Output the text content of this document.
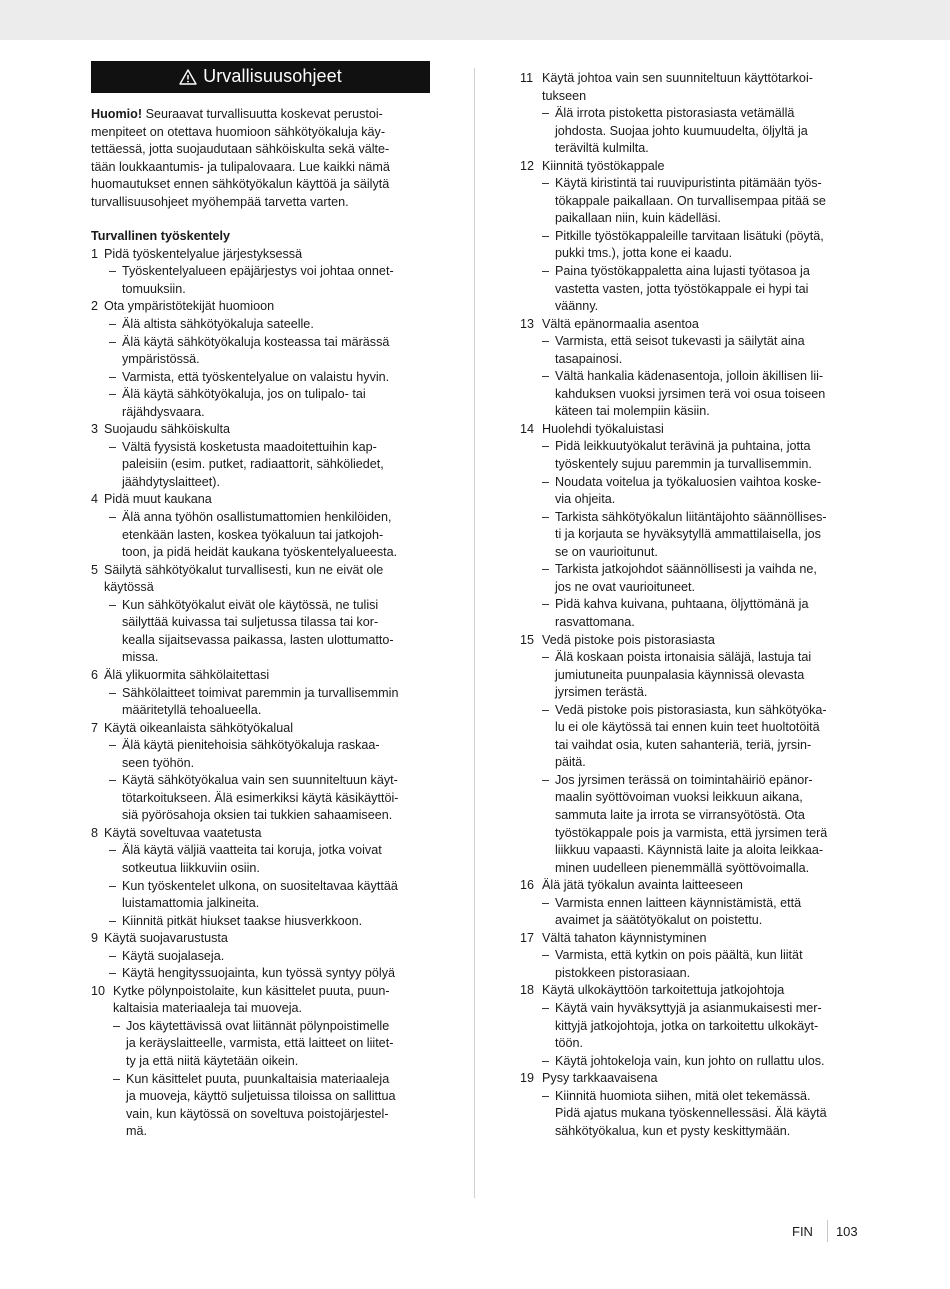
Urvallisuusohjeet
Huomio! Seuraavat turvallisuutta koskevat perustoi-
menpiteet on otettava huomioon sähkötyökaluja käy-
tettäessä, jotta suojaudutaan sähköiskulta sekä välte-
tään loukkaantumis- ja tulipalovaara. Lue kaikki nämä
huomautukset ennen sähkötyökalun käyttöä ja säilytä
turvallisuusohjeet myöhempää tarvetta varten.
Turvallinen työskentely
1 Pidä työskentelyalue järjestyksessä
– Työskentelyalueen epäjärjestys voi johtaa onnet-
tomuuksiin.
2 Ota ympäristötekijät huomioon
– Älä altista sähkötyökaluja sateelle.
– Älä käytä sähkötyökaluja kosteassa tai märässä
ympäristössä.
– Varmista, että työskentelyalue on valaistu hyvin.
– Älä käytä sähkötyökaluja, jos on tulipalo- tai
räjähdysvaara.
3 Suojaudu sähköiskulta
– Vältä fyysistä kosketusta maadoitettuihin kap-
paleisiin (esim. putket, radiaattorit, sähköliedet,
jäähdytyslaitteet).
4 Pidä muut kaukana
– Älä anna työhön osallistumattomien henkilöiden,
etenkään lasten, koskea työkaluun tai jatkojoh-
toon, ja pidä heidät kaukana työskentelyalueesta.
5 Säilytä sähkötyökalut turvallisesti, kun ne eivät ole
käytössä
– Kun sähkötyökalut eivät ole käytössä, ne tulisi
säilyttää kuivassa tai suljetussa tilassa tai kor-
kealla sijaitsevassa paikassa, lasten ulottumatto-
missa.
6 Älä ylikuormita sähkölaitettasi
– Sähkölaitteet toimivat paremmin ja turvallisemmin
määritetyllä tehoalueella.
7 Käytä oikeanlaista sähkötyökalual
– Älä käytä pienitehoisia sähkötyökaluja raskaa-
seen työhön.
– Käytä sähkötyökalua vain sen suunniteltuun käyt-
tötarkoitukseen. Älä esimerkiksi käytä käsikäyttöi-
siä pyörösahoja oksien tai tukkien sahaamiseen.
8 Käytä soveltuvaa vaatetusta
– Älä käytä väljiä vaatteita tai koruja, jotka voivat
sotkeutua liikkuviin osiin.
– Kun työskentelet ulkona, on suositeltavaa käyttää
luistamattomia jalkineita.
– Kiinnitä pitkät hiukset taakse hiusverkkoon.
9 Käytä suojavarustusta
– Käytä suojalaseja.
– Käytä hengityssuojainta, kun työssä syntyy pölyä
10 Kytke pölynpoistolaite, kun käsittelet puuta, puun-
kaltaisia materiaaleja tai muoveja.
– Jos käytettävissä ovat liitännät pölynpoistimelle
ja keräyslaitteelle, varmista, että laitteet on liitet-
ty ja että niitä käytetään oikein.
– Kun käsittelet puuta, puunkaltaisia materiaaleja
ja muoveja, käyttö suljetuissa tiloissa on sallittua
vain, kun käytössä on soveltuva poistojärjestel-
mä.
11 Käytä johtoa vain sen suunniteltuun käyttötarkoi-
tukseen
– Älä irrota pistoketta pistorasiasta vetämällä
johdosta. Suojaa johto kuumuudelta, öljyltä ja
teräviltä kulmilta.
12 Kiinnitä työstökappale
– Käytä kiristintä tai ruuvipuristinta pitämään työs-
tökappale paikallaan. On turvallisempaa pitää se
paikallaan niin, kuin kädelläsi.
– Pitkille työstökappaleille tarvitaan lisätuki (pöytä,
pukki tms.), jotta kone ei kaadu.
– Paina työstökappaletta aina lujasti työtasoa ja
vastetta vasten, jotta työstökappale ei hypi tai
väänny.
13 Vältä epänormaalia asentoa
– Varmista, että seisot tukevasti ja säilytät aina
tasapainosi.
– Vältä hankalia kädenasentoja, jolloin äkillisen lii-
kahduksen vuoksi jyrsimen terä voi osua toiseen
käteen tai molempiin käsiin.
14 Huolehdi työkaluistasi
– Pidä leikkuutyökalut terävinä ja puhtaina, jotta
työskentely sujuu paremmin ja turvallisemmin.
– Noudata voitelua ja työkaluosien vaihtoa koske-
via ohjeita.
– Tarkista sähkötyökalun liitäntäjohto säännöllises-
ti ja korjauta se hyväksytyllä ammattilaisella, jos
se on vaurioitunut.
– Tarkista jatkojohdot säännöllisesti ja vaihda ne,
jos ne ovat vaurioituneet.
– Pidä kahva kuivana, puhtaana, öljyttömänä ja
rasvattomana.
15 Vedä pistoke pois pistorasiasta
– Älä koskaan poista irtonaisia säläjä, lastuja tai
jumiutuneita puunpalasia käynnissä olevasta
jyrsimen terästä.
– Vedä pistoke pois pistorasiasta, kun sähkötyöka-
lu ei ole käytössä tai ennen kuin teet huoltotöitä
tai vaihdat osia, kuten sahanteriä, teriä, jyrsin-
päitä.
– Jos jyrsimen terässä on toimintahäiriö epänor-
maalin syöttövoiman vuoksi leikkuun aikana,
sammuta laite ja irrota se virransyötöstä. Ota
työstökappale pois ja varmista, että jyrsimen terä
liikkuu vapaasti. Käynnistä laite ja aloita leikkaa-
minen uudelleen pienemmällä syöttövoimalla.
16 Älä jätä työkalun avainta laitteeseen
– Varmista ennen laitteen käynnistämistä, että
avaimet ja säätötyökalut on poistettu.
17 Vältä tahaton käynnistyminen
– Varmista, että kytkin on pois päältä, kun liität
pistokkeen pistorasiaan.
18 Käytä ulkokäyttöön tarkoitettuja jatkojohtoja
– Käytä vain hyväksyttyjä ja asianmukaisesti mer-
kittyjä jatkojohtoja, jotka on tarkoitettu ulkokäyt-
töön.
– Käytä johtokeloja vain, kun johto on rullattu ulos.
19 Pysy tarkkaavaisena
– Kiinnitä huomiota siihen, mitä olet tekemässä.
Pidä ajatus mukana työskennellessäsi. Älä käytä
sähkötyökalua, kun et pysty keskittymään.
FIN 103
